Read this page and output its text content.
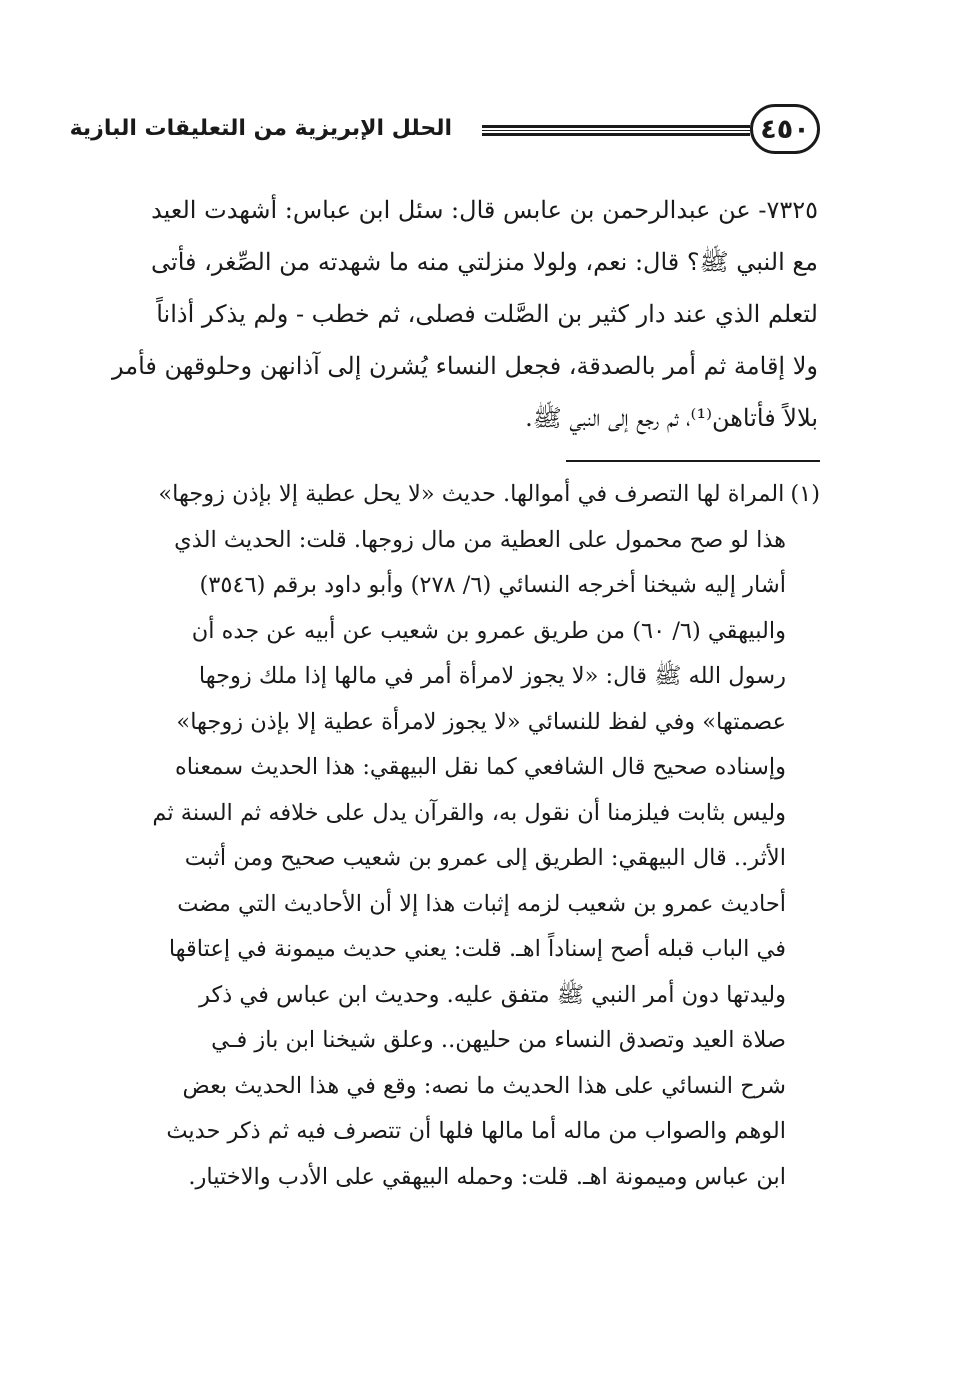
٤٥٠
الحلل الإبريزية من التعليقات البازية
٧٣٢٥- عن عبدالرحمن بن عابس قال: سئل ابن عباس: أشهدت العيد
مع النبي ﷺ؟ قال: نعم، ولولا منزلتي منه ما شهدته من الصِّغر، فأتى
لتعلم الذي عند دار كثير بن الصَّلت فصلى، ثم خطب - ولم يذكر أذاناً
ولا إقامة ثم أمر بالصدقة، فجعل النساء يُشرن إلى آذانهن وحلوقهن فأمر
بلالاً فأتاهن⁽¹⁾، ثم رجع إلى النبي ﷺ.
(١)المراة لها التصرف في أموالها. حديث «لا يحل عطية إلا بإذن زوجها»
هذا لو صح محمول على العطية من مال زوجها. قلت: الحديث الذي
أشار إليه شيخنا أخرجه النسائي (٦/ ٢٧٨) وأبو داود برقم (٣٥٤٦)
والبيهقي (٦/ ٦٠) من طريق عمرو بن شعيب عن أبيه عن جده أن
رسول الله ﷺ قال: «لا يجوز لامرأة أمر في مالها إذا ملك زوجها
عصمتها» وفي لفظ للنسائي «لا يجوز لامرأة عطية إلا بإذن زوجها»
وإسناده صحيح قال الشافعي كما نقل البيهقي: هذا الحديث سمعناه
وليس بثابت فيلزمنا أن نقول به، والقرآن يدل على خلافه ثم السنة ثم
الأثر.. قال البيهقي: الطريق إلى عمرو بن شعيب صحيح ومن أثبت
أحاديث عمرو بن شعيب لزمه إثبات هذا إلا أن الأحاديث التي مضت
في الباب قبله أصح إسناداً اهـ. قلت: يعني حديث ميمونة في إعتاقها
وليدتها دون أمر النبي ﷺ متفق عليه. وحديث ابن عباس في ذكر
صلاة العيد وتصدق النساء من حليهن.. وعلق شيخنا ابن باز فـي
شرح النسائي على هذا الحديث ما نصه: وقع في هذا الحديث بعض
الوهم والصواب من ماله أما مالها فلها أن تتصرف فيه ثم ذكر حديث
ابن عباس وميمونة اهـ. قلت: وحمله البيهقي على الأدب والاختيار.
